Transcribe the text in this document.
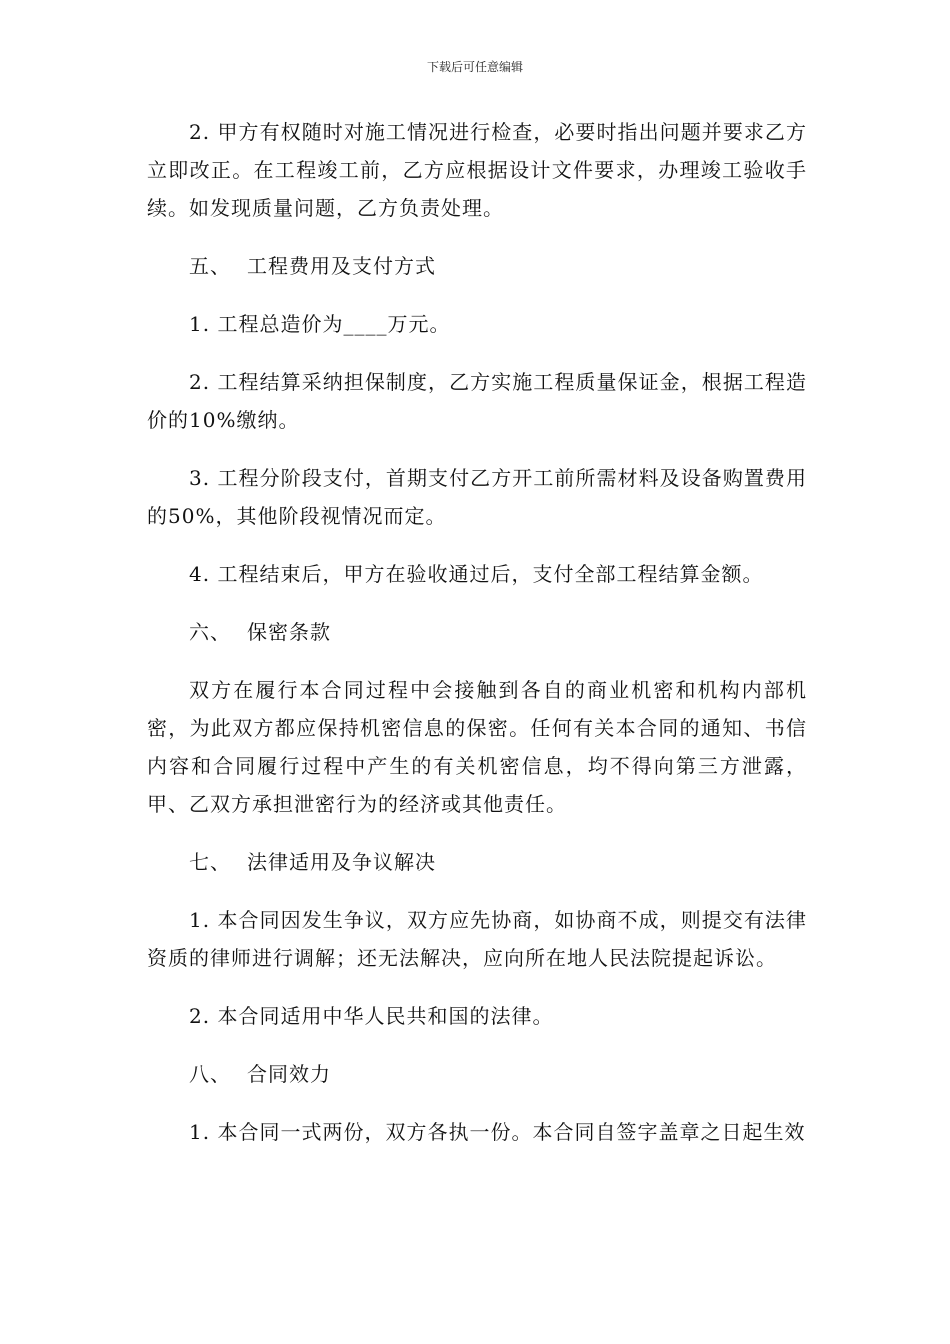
下载后可任意编辑

2. 甲方有权随时对施工情况进行检查，必要时指出问题并要求乙方立即改正。在工程竣工前，乙方应根据设计文件要求，办理竣工验收手续。如发现质量问题，乙方负责处理。

五、 工程费用及支付方式

1. 工程总造价为____万元。

2. 工程结算采纳担保制度，乙方实施工程质量保证金，根据工程造价的10%缴纳。

3. 工程分阶段支付，首期支付乙方开工前所需材料及设备购置费用的50%，其他阶段视情况而定。

4. 工程结束后，甲方在验收通过后，支付全部工程结算金额。

六、 保密条款

双方在履行本合同过程中会接触到各自的商业机密和机构内部机密，为此双方都应保持机密信息的保密。任何有关本合同的通知、书信内容和合同履行过程中产生的有关机密信息，均不得向第三方泄露，甲、乙双方承担泄密行为的经济或其他责任。

七、 法律适用及争议解决

1. 本合同因发生争议，双方应先协商，如协商不成，则提交有法律资质的律师进行调解；还无法解决，应向所在地人民法院提起诉讼。

2. 本合同适用中华人民共和国的法律。

八、 合同效力

1. 本合同一式两份，双方各执一份。本合同自签字盖章之日起生效
